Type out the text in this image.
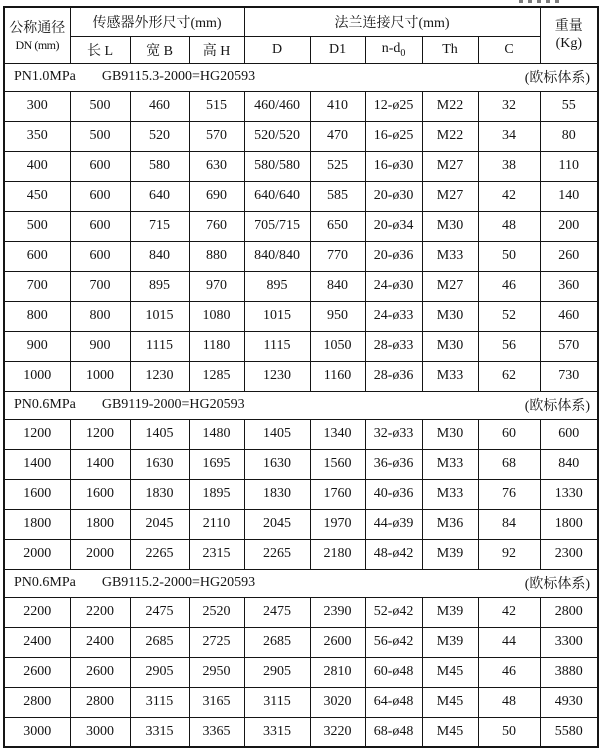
公称通径
DN (mm)
	传感器外形尺寸(mm)	法兰连接尺寸(mm)	重量
(Kg)

	长 L	宽 B	高 H	D	D1	$n-d_0$	Th	C	
PN1.0MPa GB9115.3-2000=HG20593 (欧标体系)									

300	500	460	515	460/460	410	12-ø25	M22	32	55
350	500	520	570	520/520	470	16-ø25	M22	34	80
400	600	580	630	580/580	525	16-ø30	M27	38	110
450	600	640	690	640/640	585	20-ø30	M27	42	140
500	600	715	760	705/715	650	20-ø34	M30	48	200
600	600	840	880	840/840	770	20-ø36	M33	50	260
700	700	895	970	895	840	24-ø30	M27	46	360
800	800	1015	1080	1015	950	24-ø33	M30	52	460
900	900	1115	1180	1115	1050	28-ø33	M30	56	570
1000	1000	1230	1285	1230	1160	28-ø36	M33	62	730
PN0.6MPa GB9119-2000=HG20593 (欧标体系)									

1200	1200	1405	1480	1405	1340	32-ø33	M30	60	600
1400	1400	1630	1695	1630	1560	36-ø36	M33	68	840
1600	1600	1830	1895	1830	1760	40-ø36	M33	76	1330
1800	1800	2045	2110	2045	1970	44-ø39	M36	84	1800
2000	2000	2265	2315	2265	2180	48-ø42	M39	92	2300
PN0.6MPa GB9115.2-2000=HG20593 (欧标体系)									

2200	2200	2475	2520	2475	2390	52-ø42	M39	42	2800
2400	2400	2685	2725	2685	2600	56-ø42	M39	44	3300
2600	2600	2905	2950	2905	2810	60-ø48	M45	46	3880
2800	2800	3115	3165	3115	3020	64-ø48	M45	48	4930
3000	3000	3315	3365	3315	3220	68-ø48	M45	50	5580
